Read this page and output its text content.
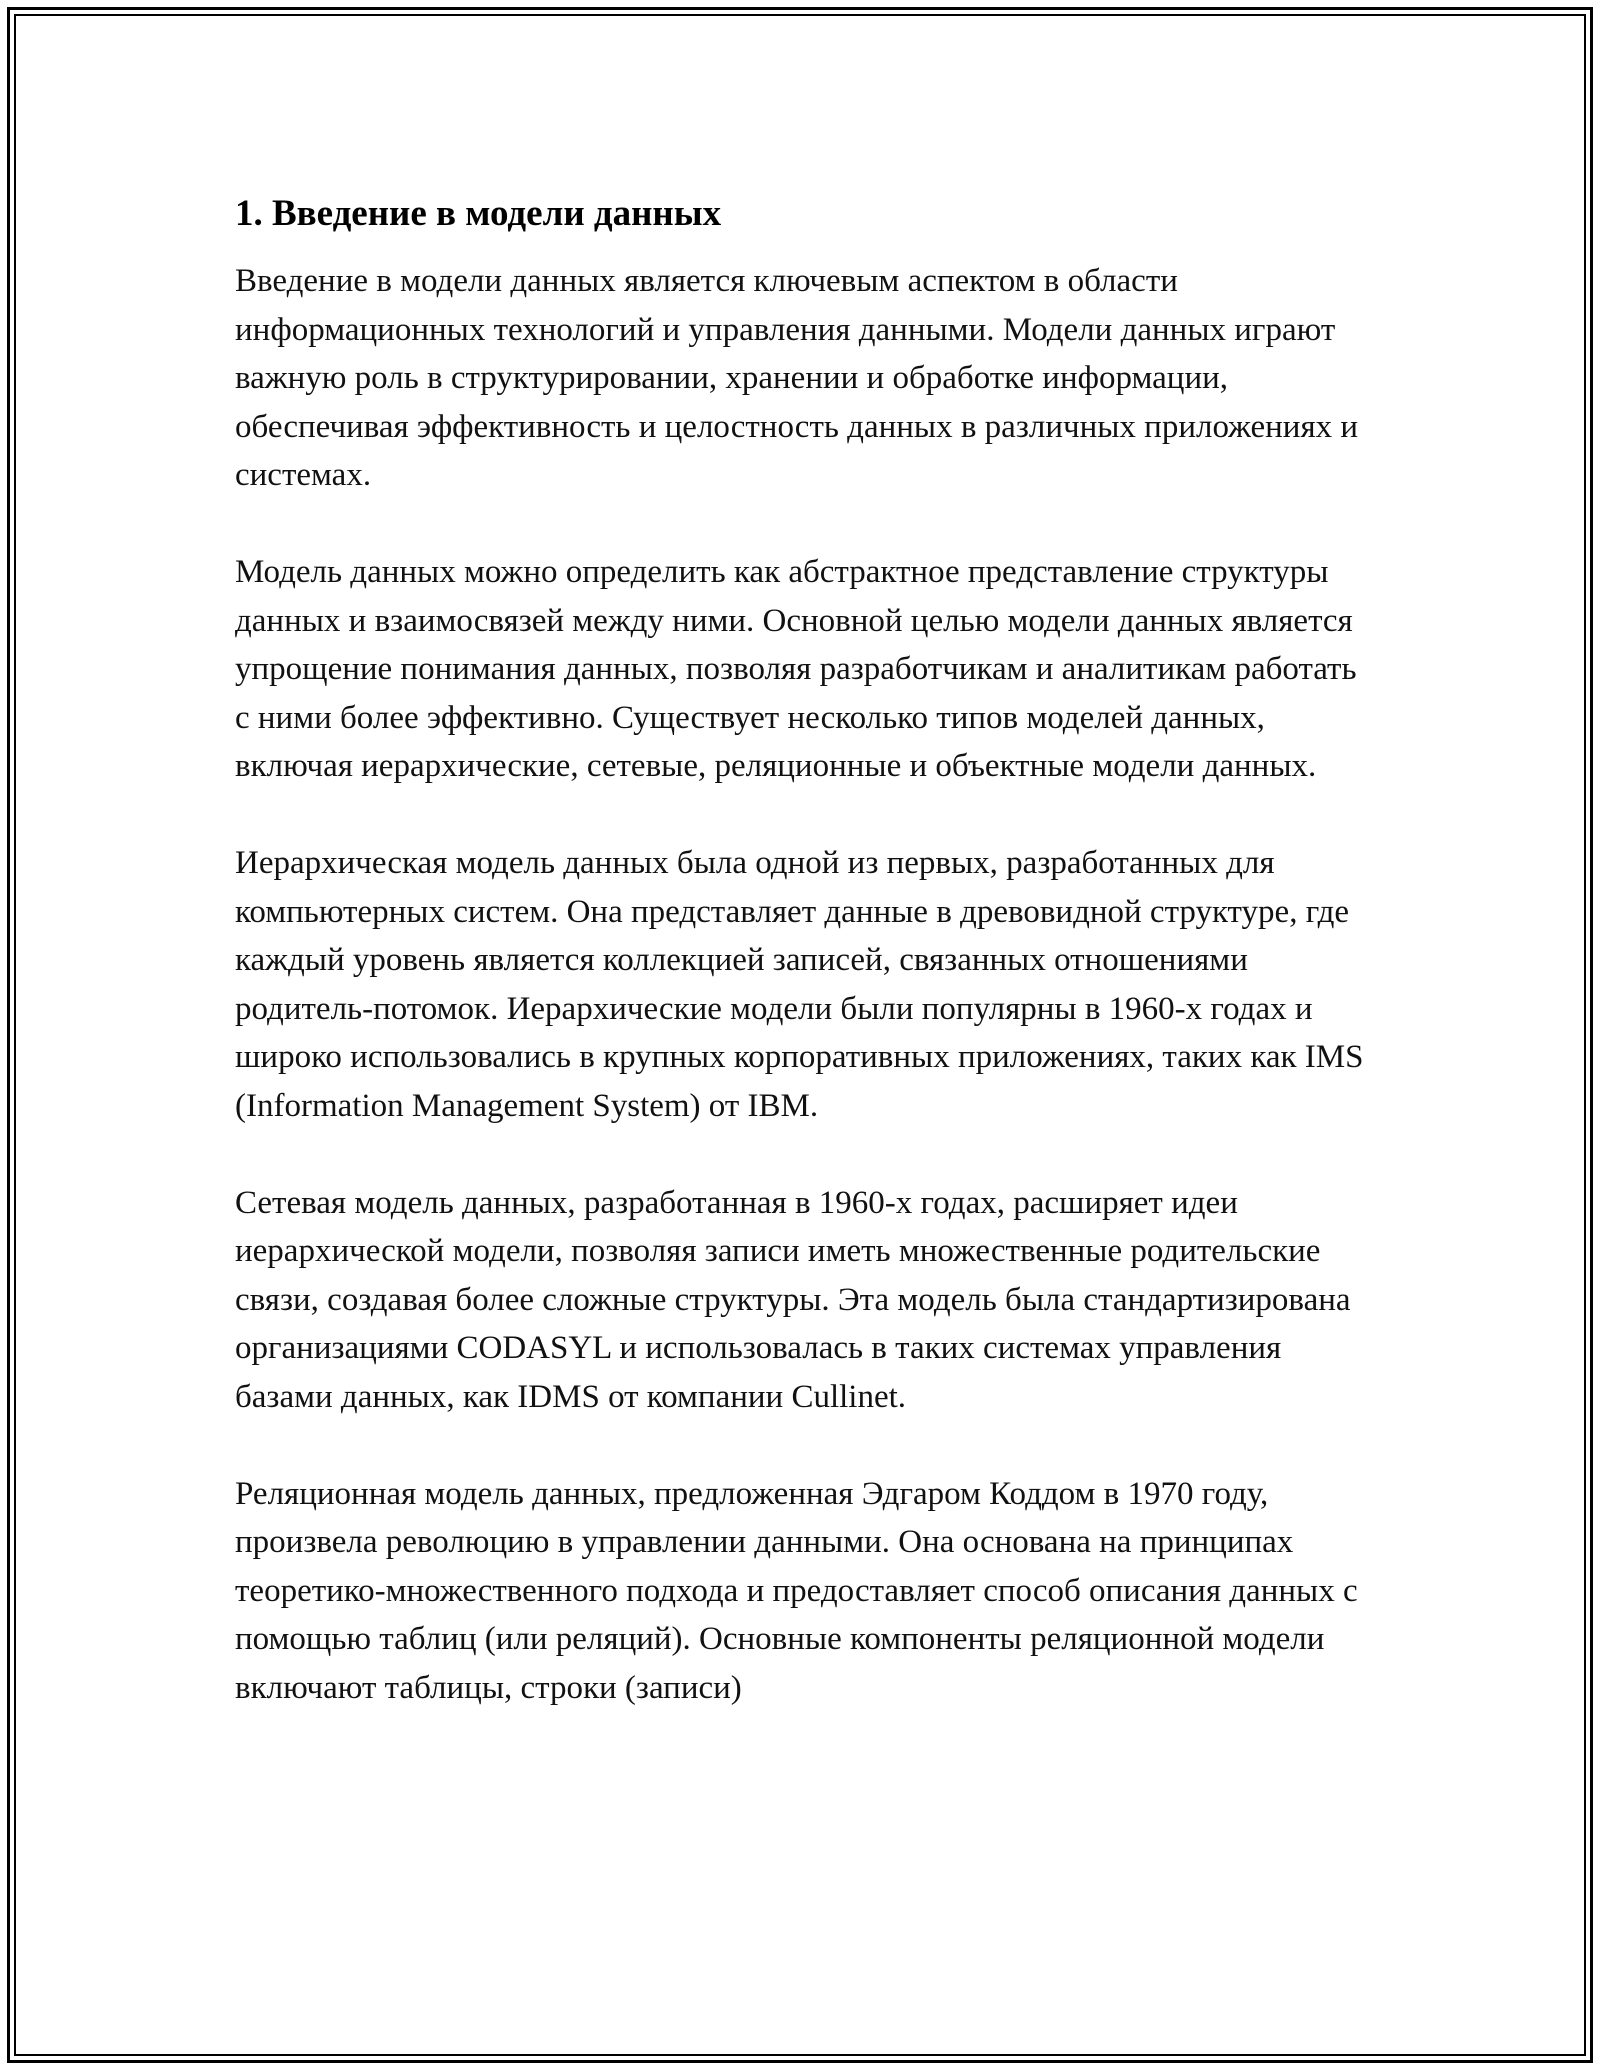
1. Введение в модели данных

Введение в модели данных является ключевым аспектом в области информационных технологий и управления данными. Модели данных играют важную роль в структурировании, хранении и обработке информации, обеспечивая эффективность и целостность данных в различных приложениях и системах.

Модель данных можно определить как абстрактное представление структуры данных и взаимосвязей между ними. Основной целью модели данных является упрощение понимания данных, позволяя разработчикам и аналитикам работать с ними более эффективно. Существует несколько типов моделей данных, включая иерархические, сетевые, реляционные и объектные модели данных.

Иерархическая модель данных была одной из первых, разработанных для компьютерных систем. Она представляет данные в древовидной структуре, где каждый уровень является коллекцией записей, связанных отношениями родитель-потомок. Иерархические модели были популярны в 1960-х годах и широко использовались в крупных корпоративных приложениях, таких как IMS (Information Management System) от IBM.

Сетевая модель данных, разработанная в 1960-х годах, расширяет идеи иерархической модели, позволяя записи иметь множественные родительские связи, создавая более сложные структуры. Эта модель была стандартизирована организациями CODASYL и использовалась в таких системах управления базами данных, как IDMS от компании Cullinet.

Реляционная модель данных, предложенная Эдгаром Коддом в 1970 году, произвела революцию в управлении данными. Она основана на принципах теоретико-множественного подхода и предоставляет способ описания данных с помощью таблиц (или реляций). Основные компоненты реляционной модели включают таблицы, строки (записи)
